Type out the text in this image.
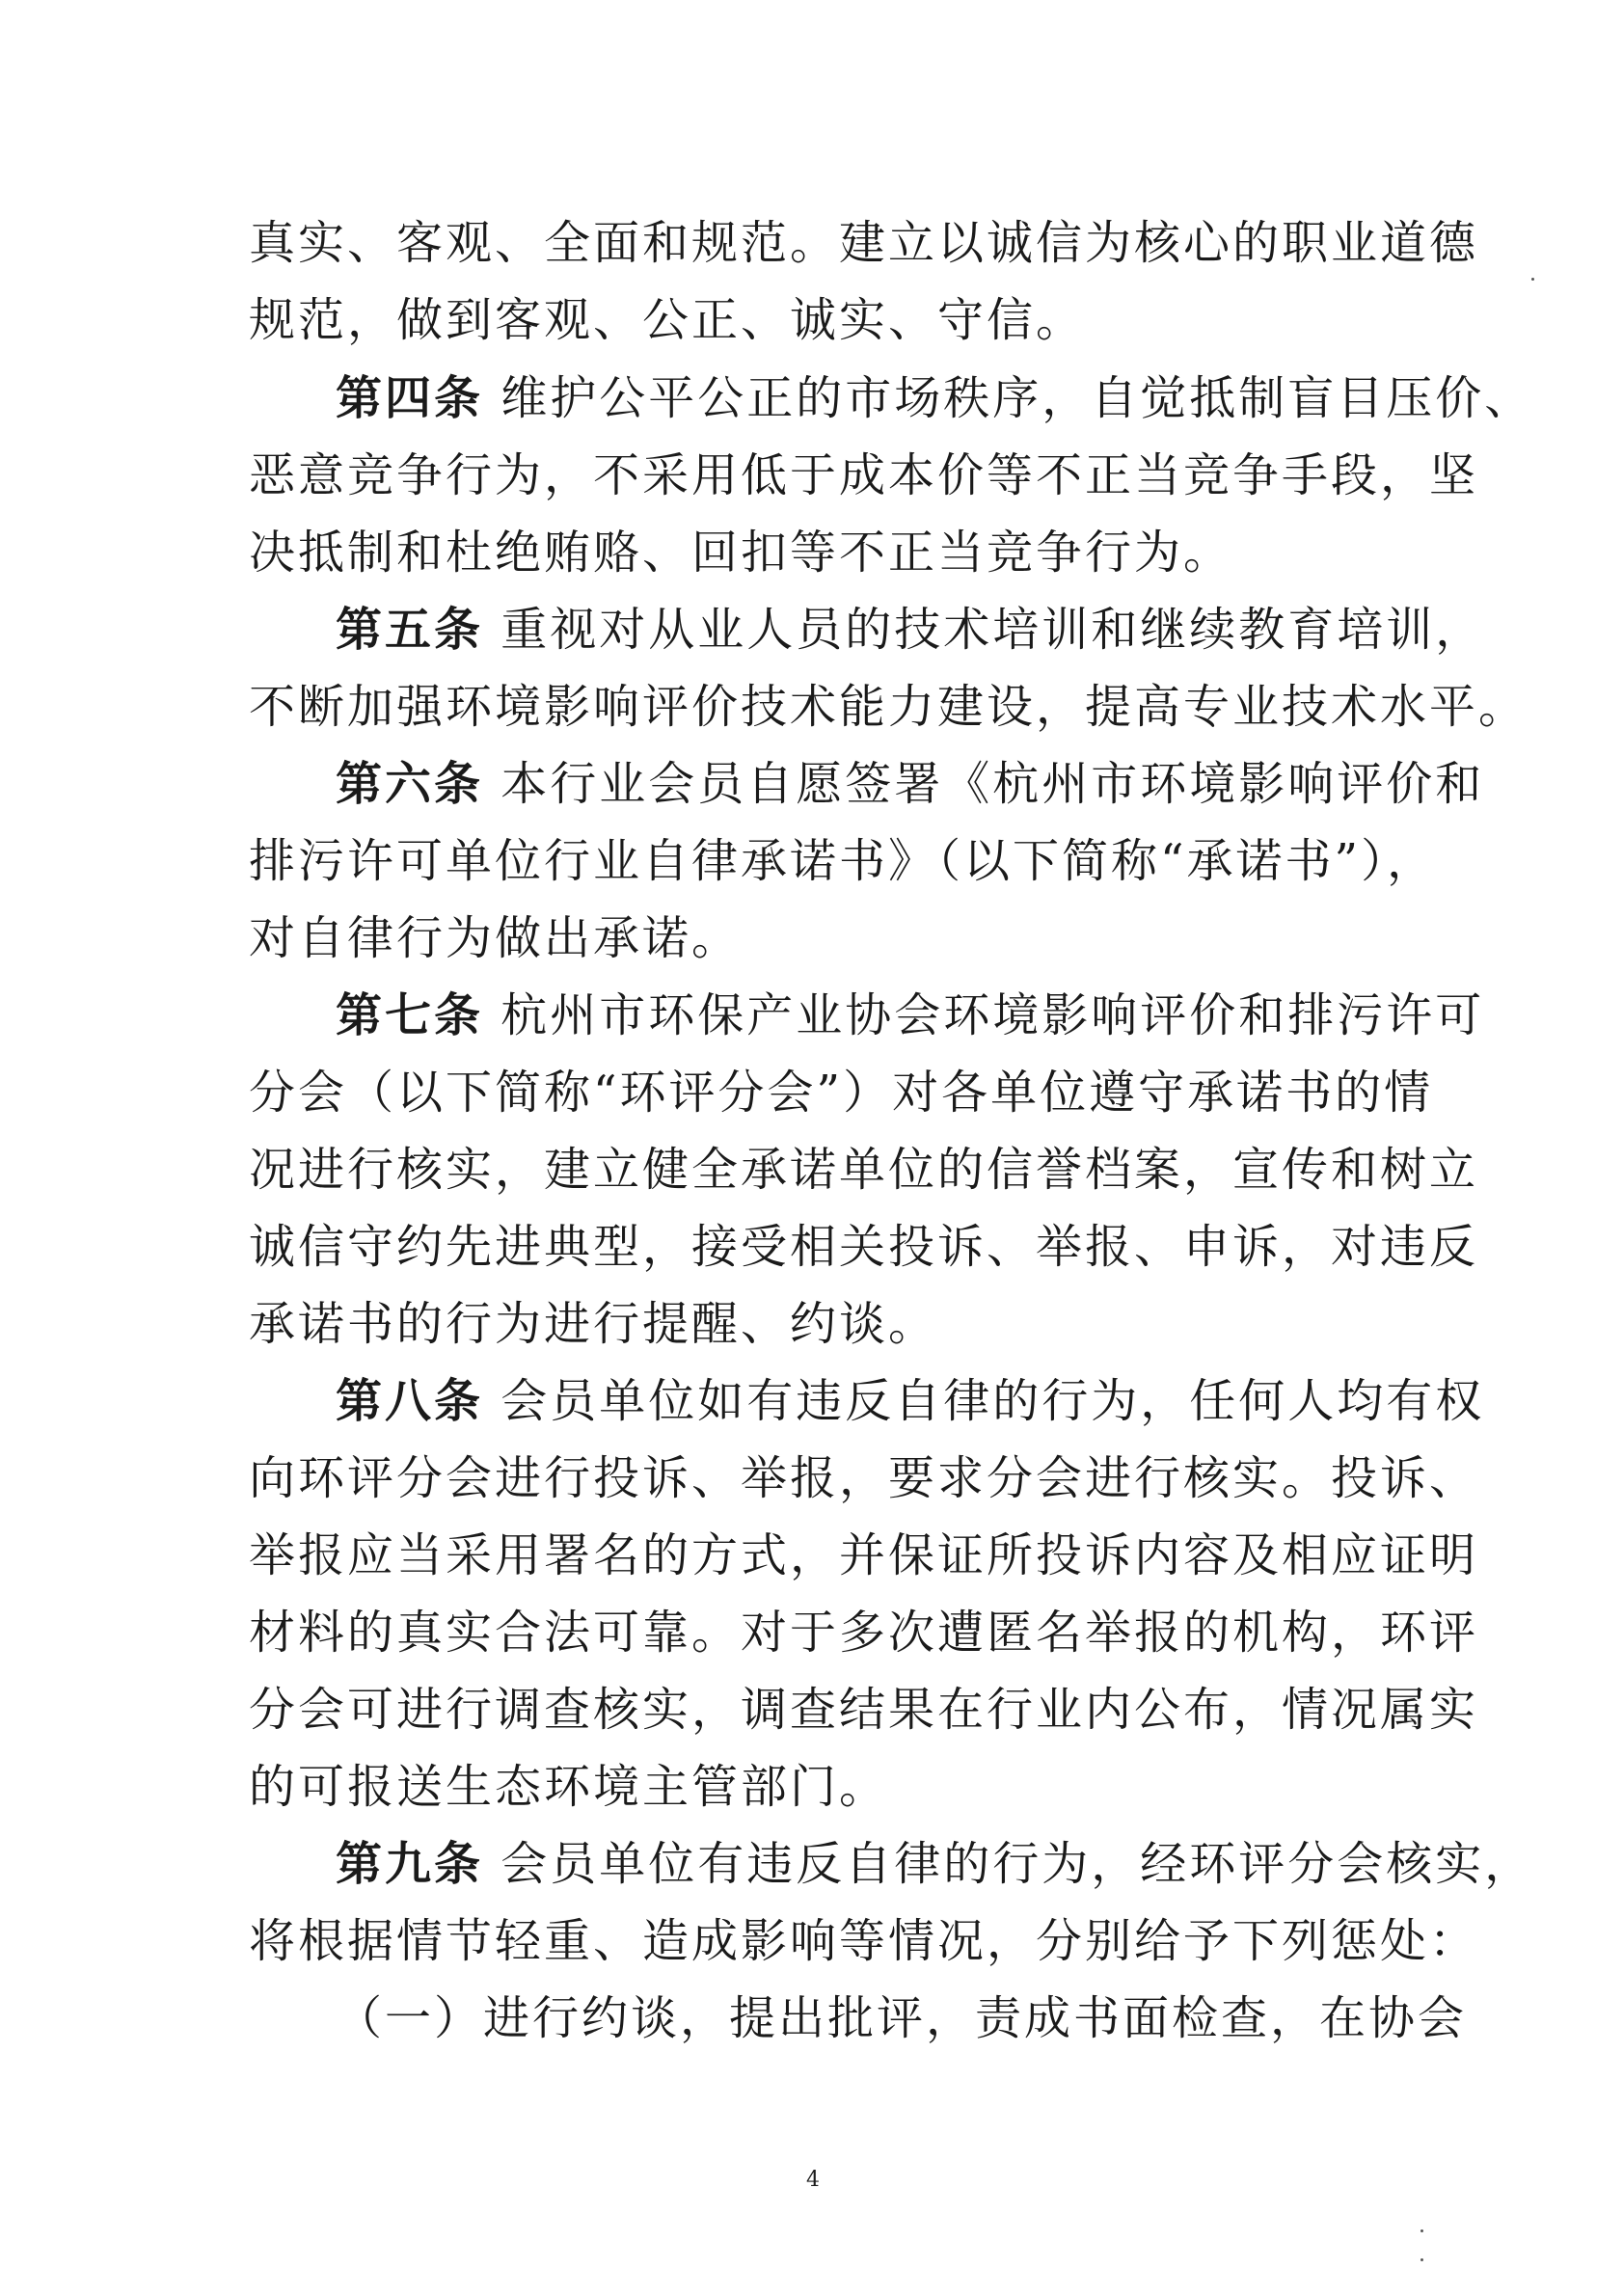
真实、客观、全面和规范。建立以诚信为核心的职业道德
规范，做到客观、公正、诚实、守信。
第四条 维护公平公正的市场秩序，自觉抵制盲目压价、
恶意竞争行为，不采用低于成本价等不正当竞争手段，坚
决抵制和杜绝贿赂、回扣等不正当竞争行为。
第五条 重视对从业人员的技术培训和继续教育培训，
不断加强环境影响评价技术能力建设，提高专业技术水平。
第六条 本行业会员自愿签署《杭州市环境影响评价和
排污许可单位行业自律承诺书》（以下简称“承诺书”），
对自律行为做出承诺。
第七条 杭州市环保产业协会环境影响评价和排污许可
分会（以下简称“环评分会”）对各单位遵守承诺书的情
况进行核实，建立健全承诺单位的信誉档案，宣传和树立
诚信守约先进典型，接受相关投诉、举报、申诉，对违反
承诺书的行为进行提醒、约谈。
第八条 会员单位如有违反自律的行为，任何人均有权
向环评分会进行投诉、举报，要求分会进行核实。投诉、
举报应当采用署名的方式，并保证所投诉内容及相应证明
材料的真实合法可靠。对于多次遭匿名举报的机构，环评
分会可进行调查核实，调查结果在行业内公布，情况属实
的可报送生态环境主管部门。
第九条 会员单位有违反自律的行为，经环评分会核实，
将根据情节轻重、造成影响等情况，分别给予下列惩处：
（一）进行约谈，提出批评，责成书面检查，在协会
4
